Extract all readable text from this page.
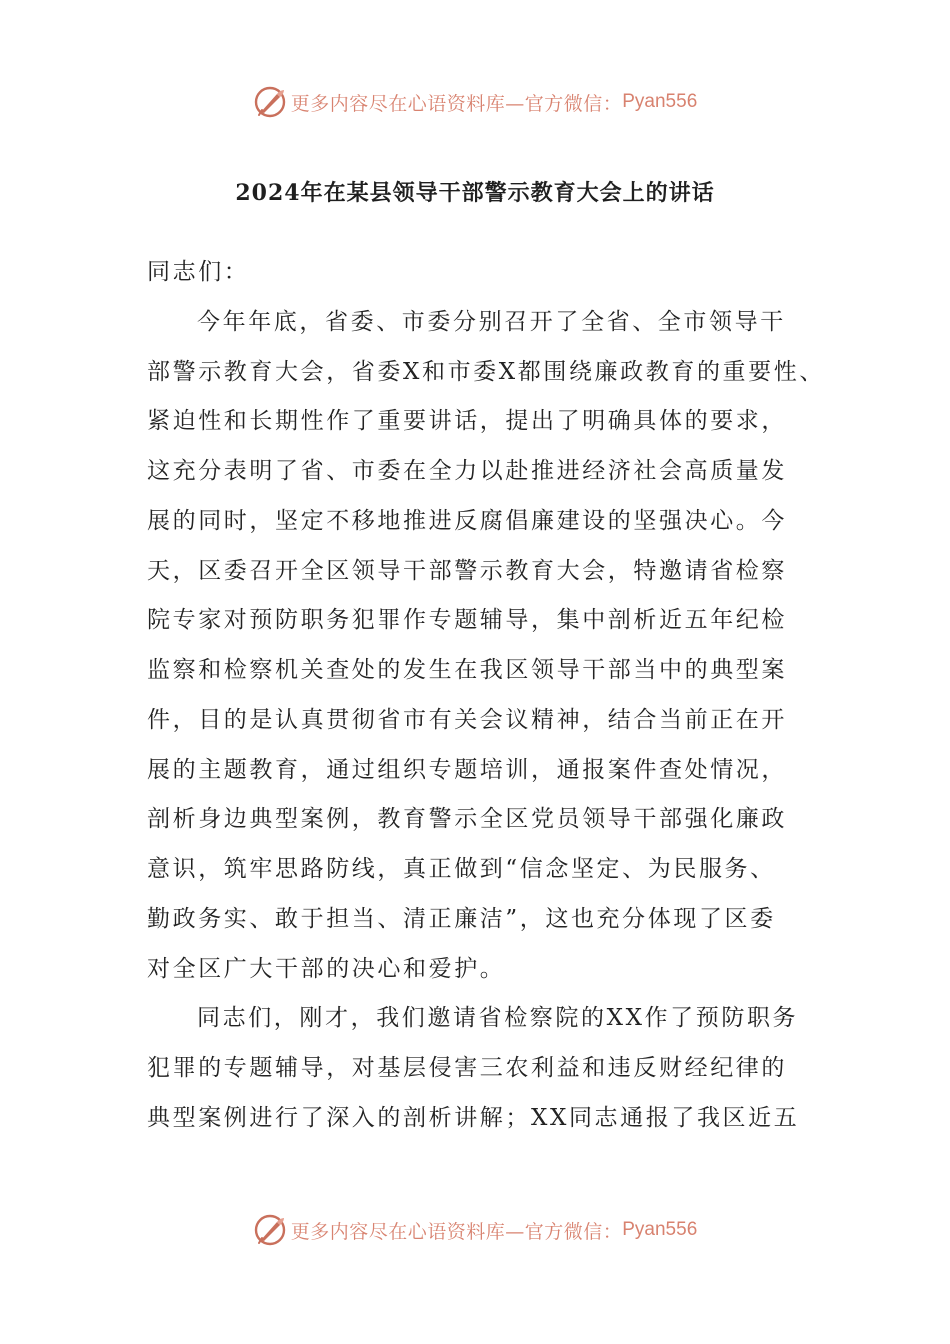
更多内容尽在心语资料库—官方微信： Pyan556
2024年在某县领导干部警示教育大会上的讲话
同志们：
今年年底，省委、市委分别召开了全省、全市领导干
部警示教育大会，省委X和市委X都围绕廉政教育的重要性、
紧迫性和长期性作了重要讲话，提出了明确具体的要求，
这充分表明了省、市委在全力以赴推进经济社会高质量发
展的同时，坚定不移地推进反腐倡廉建设的坚强决心。今
天，区委召开全区领导干部警示教育大会，特邀请省检察
院专家对预防职务犯罪作专题辅导，集中剖析近五年纪检
监察和检察机关查处的发生在我区领导干部当中的典型案
件，目的是认真贯彻省市有关会议精神，结合当前正在开
展的主题教育，通过组织专题培训，通报案件查处情况，
剖析身边典型案例，教育警示全区党员领导干部强化廉政
意识，筑牢思路防线，真正做到“信念坚定、为民服务、
勤政务实、敢于担当、清正廉洁”，这也充分体现了区委
对全区广大干部的决心和爱护。
同志们，刚才，我们邀请省检察院的XX作了预防职务
犯罪的专题辅导，对基层侵害三农利益和违反财经纪律的
典型案例进行了深入的剖析讲解；XX同志通报了我区近五
更多内容尽在心语资料库—官方微信： Pyan556
